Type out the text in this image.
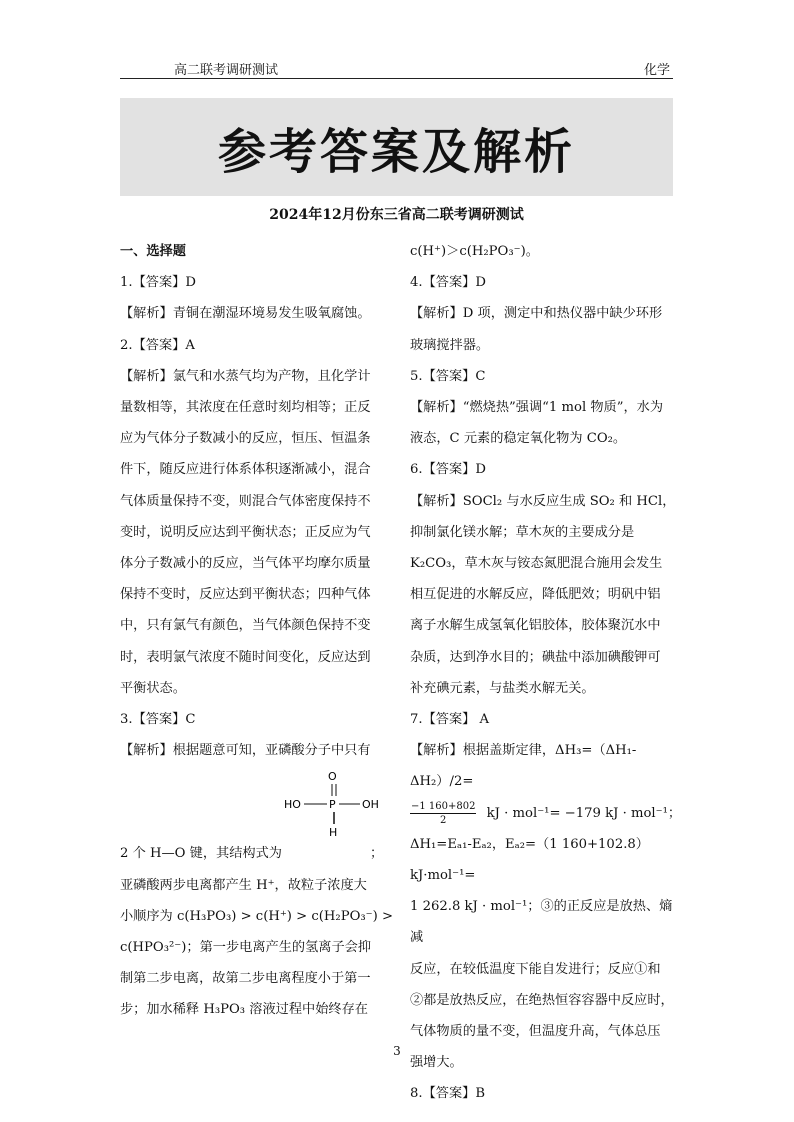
高二联考调研测试	化学
参考答案及解析
2024年12月份东三省高二联考调研测试

一、选择题

1.【答案】D

【解析】青铜在潮湿环境易发生吸氧腐蚀。

2.【答案】A

【解析】氯气和水蒸气均为产物，且化学计

量数相等，其浓度在任意时刻均相等；正反

应为气体分子数减小的反应，恒压、恒温条

件下，随反应进行体系体积逐渐减小，混合

气体质量保持不变，则混合气体密度保持不

变时，说明反应达到平衡状态；正反应为气

体分子数减小的反应，当气体平均摩尔质量

保持不变时，反应达到平衡状态；四种气体

中，只有氯气有颜色，当气体颜色保持不变

时，表明氯气浓度不随时间变化，反应达到

平衡状态。

3.【答案】C

【解析】根据题意可知，亚磷酸分子中只有

O
HO	P OH
H

2 个 H—O 键，其结构式为	；

亚磷酸两步电离都产生 H⁺，故粒子浓度大

小顺序为 c(H₃PO₃) > c(H⁺) > c(H₂PO₃⁻) >

c(HPO₃²⁻)；第一步电离产生的氢离子会抑

制第二步电离，故第二步电离程度小于第一

步；加水稀释 H₃PO₃ 溶液过程中始终存在

c(H⁺)＞c(H₂PO₃⁻)。

4.【答案】D

【解析】D 项，测定中和热仪器中缺少环形

玻璃搅拌器。

5.【答案】C

【解析】“燃烧热”强调“1 mol 物质”，水为

液态，C 元素的稳定氧化物为 CO₂。

6.【答案】D

【解析】SOCl₂ 与水反应生成 SO₂ 和 HCl，

抑制氯化镁水解；草木灰的主要成分是

K₂CO₃，草木灰与铵态氮肥混合施用会发生

相互促进的水解反应，降低肥效；明矾中铝

离子水解生成氢氧化铝胶体，胶体聚沉水中

杂质，达到净水目的；碘盐中添加碘酸钾可

补充碘元素，与盐类水解无关。

7.【答案】 A

【解析】根据盖斯定律，ΔH₃=（ΔH₁-ΔH₂）/2=

$\frac{-1 160+802}{2}$ kJ · mol⁻¹= −179 kJ · mol⁻¹；

ΔH₁=Eₐ₁-Eₐ₂，Eₐ₂=（1 160+102.8）kJ·mol⁻¹=

1 262.8 kJ · mol⁻¹；③的正反应是放热、熵减

反应，在较低温度下能自发进行；反应①和

②都是放热反应，在绝热恒容容器中反应时，

气体物质的量不变，但温度升高，气体总压

强增大。

8.【答案】B

3
